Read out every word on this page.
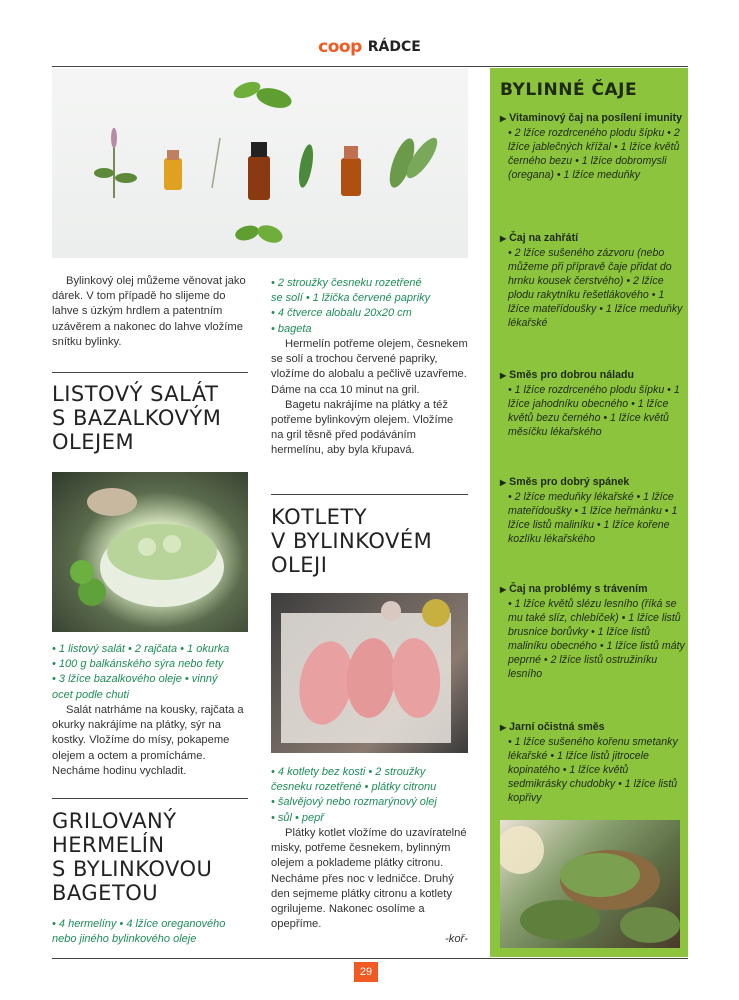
coop RÁDCE

Bylinkový olej můžeme věnovat jako dárek. V tom případě ho slijeme do lahve s úzkým hrdlem a patentním uzávěrem a nakonec do lahve vložíme snítku bylinky.

LISTOVÝ SALÁT
S BAZALKOVÝM
OLEJEM
• 1 listový salát • 2 rajčata • 1 okurka
• 100 g balkánského sýra nebo fety
• 3 lžíce bazalkového oleje • vinný
ocet podle chuti

Salát natrháme na kousky, rajčata a okurky nakrájíme na plátky, sýr na kostky. Vložíme do mísy, pokapeme olejem a octem a promícháme. Necháme hodinu vychladit.

GRILOVANÝ
HERMELÍN
S BYLINKOVOU
BAGETOU
• 4 hermelíny • 4 lžíce oreganového
nebo jiného bylinkového oleje
• 2 stroužky česneku rozetřené
se solí • 1 lžička červené papriky
• 4 čtverce alobalu 20x20 cm
• bageta

Hermelín potřeme olejem, česnekem se solí a trochou červené papriky, vložíme do alobalu a pečlivě uzavřeme. Dáme na cca 10 minut na gril.

Bagetu nakrájíme na plátky a též potřeme bylinkovým olejem. Vložíme na gril těsně před podáváním hermelínu, aby byla křupavá.

KOTLETY
V BYLINKOVÉM
OLEJI
• 4 kotlety bez kosti • 2 stroužky
česneku rozetřené • plátky citronu
• šalvějový nebo rozmarýnový olej
• sůl • pepř

Plátky kotlet vložíme do uzavíratelné misky, potřeme česnekem, bylinným olejem a poklademe plátky citronu. Necháme přes noc v ledničce. Druhý den sejmeme plátky citronu a kotlety ogrilujeme. Nakonec osolíme a opepříme.

-koř-
BYLINNÉ ČAJE
▶ Vitaminový čaj na posílení imunity
• 2 lžíce rozdrceného plodu šípku • 2 lžíce jablečných křížal • 1 lžíce květů černého bezu • 1 lžíce dobromysli (oregana) • 1 lžíce meduňky
▶ Čaj na zahřátí
• 2 lžíce sušeného zázvoru (nebo můžeme při přípravě čaje přidat do hrnku kousek čerstvého) • 2 lžíce plodu rakytníku řešetlákového • 1 lžíce mateřídoušky • 1 lžíce meduňky lékařské
▶ Směs pro dobrou náladu
• 1 lžíce rozdrceného plodu šípku • 1 lžíce jahodníku obecného • 1 lžíce květů bezu černého • 1 lžíce květů měsíčku lékařského
▶ Směs pro dobrý spánek
• 2 lžíce meduňky lékařské • 1 lžíce mateřídoušky • 1 lžíce heřmánku • 1 lžíce listů maliníku • 1 lžíce kořene kozlíku lékařského
▶ Čaj na problémy s trávením
• 1 lžíce květů slézu lesního (říká se mu také slíz, chlebíček) • 1 lžíce listů brusnice borůvky • 1 lžíce listů maliníku obecného • 1 lžíce listů máty peprné • 2 lžíce listů ostružiníku lesního
▶ Jarní očistná směs
• 1 lžíce sušeného kořenu smetanky lékařské • 1 lžíce listů jitrocele kopinatého • 1 lžíce květů sedmikrásky chudobky • 1 lžíce listů kopřivy
29
